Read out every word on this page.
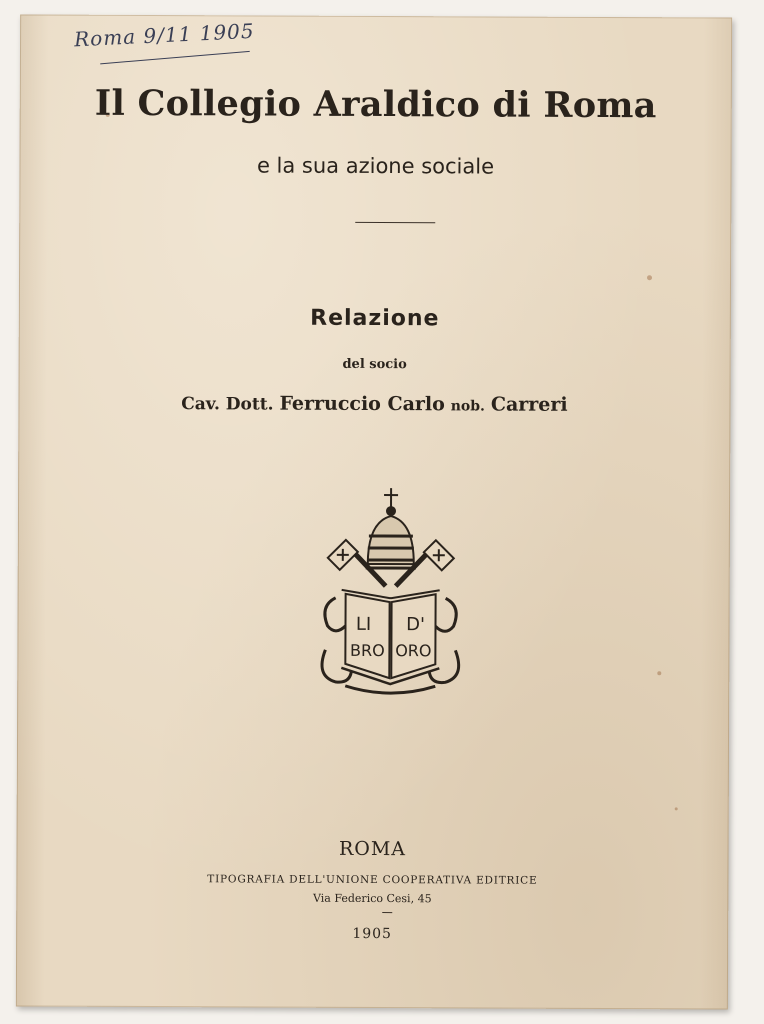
Roma 9/11 1905
Il Collegio Araldico di Roma
e la sua azione sociale
Relazione
del socio
Cav. Dott. Ferruccio Carlo nob. Carreri
LI
BRO
D'
ORO
ROMA
TIPOGRAFIA DELL'UNIONE COOPERATIVA EDITRICE
Via Federico Cesi, 45
1905
